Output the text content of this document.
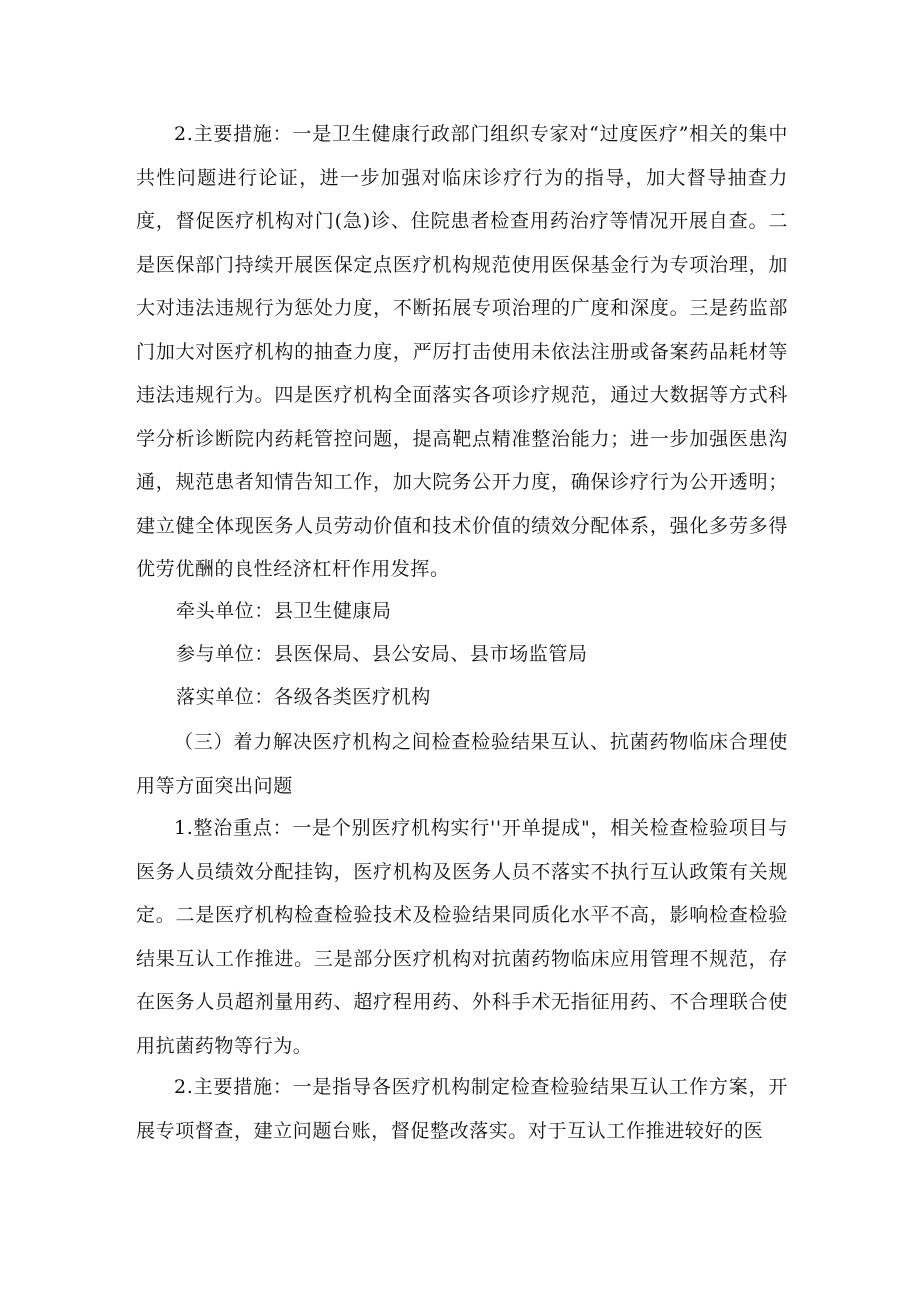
2.主要措施：一是卫生健康行政部门组织专家对“过度医疗”相关的集中共性问题进行论证，进一步加强对临床诊疗行为的指导，加大督导抽查力度，督促医疗机构对门(急)诊、住院患者检查用药治疗等情况开展自查。二是医保部门持续开展医保定点医疗机构规范使用医保基金行为专项治理，加大对违法违规行为惩处力度，不断拓展专项治理的广度和深度。三是药监部门加大对医疗机构的抽查力度，严厉打击使用未依法注册或备案药品耗材等违法违规行为。四是医疗机构全面落实各项诊疗规范，通过大数据等方式科学分析诊断院内药耗管控问题，提高靶点精准整治能力；进一步加强医患沟通，规范患者知情告知工作，加大院务公开力度，确保诊疗行为公开透明；建立健全体现医务人员劳动价值和技术价值的绩效分配体系，强化多劳多得优劳优酬的良性经济杠杆作用发挥。

牵头单位：县卫生健康局

参与单位：县医保局、县公安局、县市场监管局

落实单位：各级各类医疗机构

（三）着力解决医疗机构之间检查检验结果互认、抗菌药物临床合理使用等方面突出问题

1.整治重点：一是个别医疗机构实行''开单提成"，相关检查检验项目与医务人员绩效分配挂钩，医疗机构及医务人员不落实不执行互认政策有关规定。二是医疗机构检查检验技术及检验结果同质化水平不高，影响检查检验结果互认工作推进。三是部分医疗机构对抗菌药物临床应用管理不规范，存在医务人员超剂量用药、超疗程用药、外科手术无指征用药、不合理联合使用抗菌药物等行为。

2.主要措施：一是指导各医疗机构制定检查检验结果互认工作方案，开展专项督查，建立问题台账，督促整改落实。对于互认工作推进较好的医
